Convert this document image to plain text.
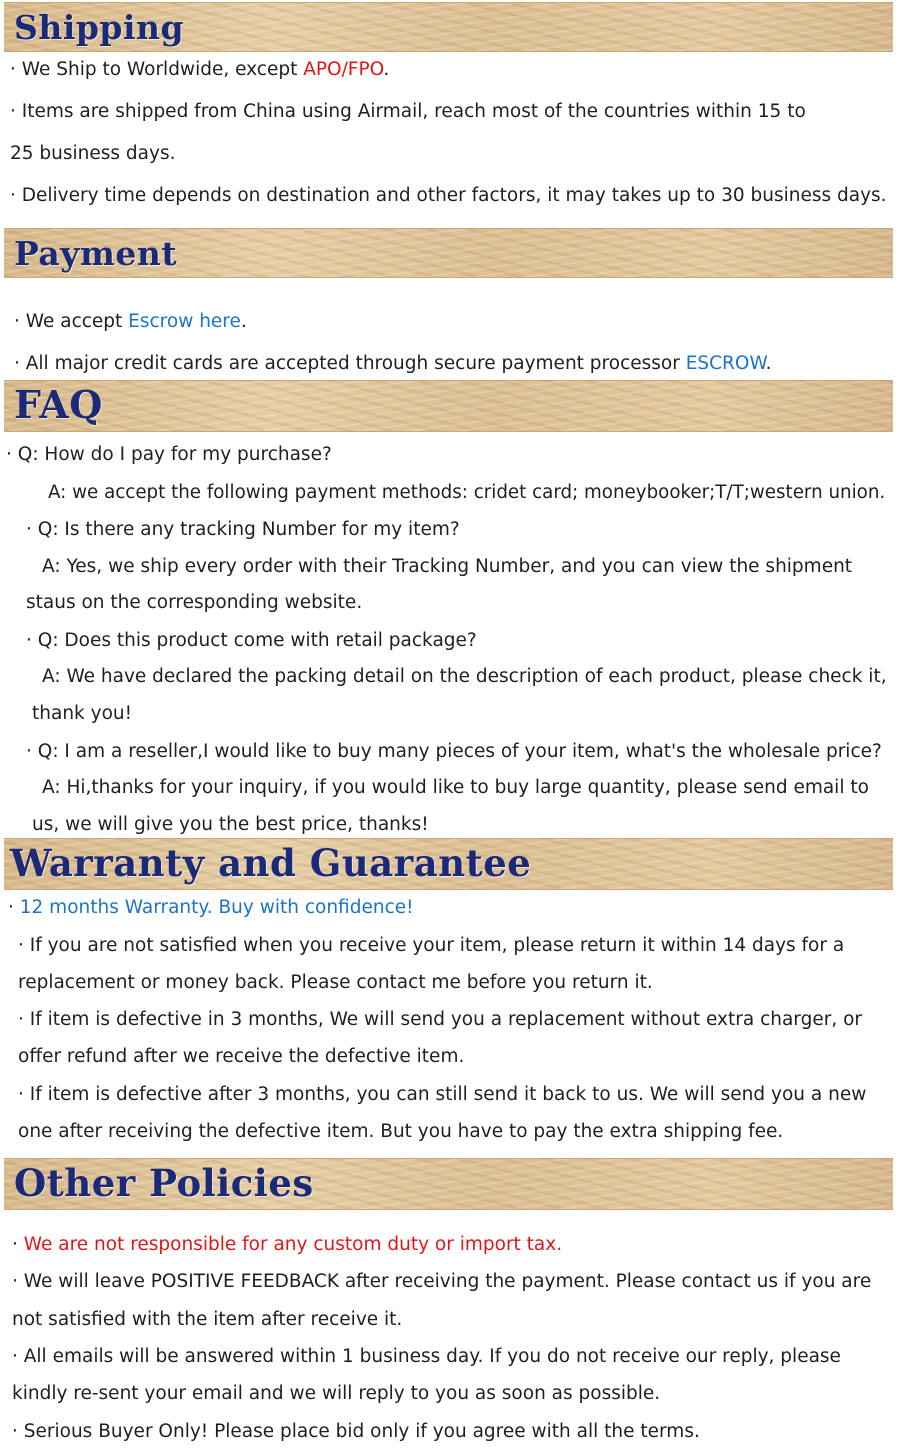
Shipping
· We Ship to Worldwide, except APO/FPO.
· Items are shipped from China using Airmail, reach most of the countries within 15 to
25 business days.
· Delivery time depends on destination and other factors, it may takes up to 30 business days.
Payment
· We accept Escrow here.
· All major credit cards are accepted through secure payment processor ESCROW.
FAQ
· Q: How do I pay for my purchase?
A: we accept the following payment methods: cridet card; moneybooker;T/T;western union.
· Q: Is there any tracking Number for my item?
A: Yes, we ship every order with their Tracking Number, and you can view the shipment
staus on the corresponding website.
· Q: Does this product come with retail package?
A: We have declared the packing detail on the description of each product, please check it,
thank you!
· Q: I am a reseller,I would like to buy many pieces of your item, what's the wholesale price?
A: Hi,thanks for your inquiry, if you would like to buy large quantity, please send email to
us, we will give you the best price, thanks!
Warranty and Guarantee
· 12 months Warranty. Buy with confidence!
· If you are not satisfied when you receive your item, please return it within 14 days for a
replacement or money back. Please contact me before you return it.
· If item is defective in 3 months, We will send you a replacement without extra charger, or
offer refund after we receive the defective item.
· If item is defective after 3 months, you can still send it back to us. We will send you a new
one after receiving the defective item. But you have to pay the extra shipping fee.
Other Policies
· We are not responsible for any custom duty or import tax.
· We will leave POSITIVE FEEDBACK after receiving the payment. Please contact us if you are
not satisfied with the item after receive it.
· All emails will be answered within 1 business day. If you do not receive our reply, please
kindly re-sent your email and we will reply to you as soon as possible.
· Serious Buyer Only! Please place bid only if you agree with all the terms.
